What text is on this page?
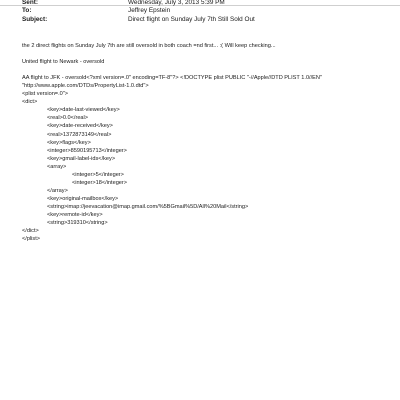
Sent:	Wednesday, July 3, 2013 5:39 PM
To:	Jeffrey Epstein
Subject:	Direct flight on Sunday July 7th Still Sold Out
the 2 direct flights on Sunday July 7th are still oversold in both coach =nd first... :( Will keep checking...
United flight to Newark - oversold
AA flight to JFK - oversold<?xml version=.0" encoding=TF-8"?> <!DOCTYPE plist PUBLIC "-//Apple//DTD PLIST 1.0//EN"
"http://www.apple.com/DTDs/PropertyList-1.0.dtd">
<plist version=.0">
<dict>
<key>date-last-viewed</key>
<real>0.0</real>
<key>date-received</key>
<real>1372873149</real>
<key>flags</key>
<integer>8590195713</integer>
<key>gmail-label-ids</key>
<array>
<integer>5</integer>
<integer>18</integer>
</array>
<key>original-mailbox</key>
<string>imap://jeevacation@imap.gmail.com/%5BGmail%5D/All%20Mail</string>
<key>remote-id</key>
<string>319310</string>
</dict>
</plist>
